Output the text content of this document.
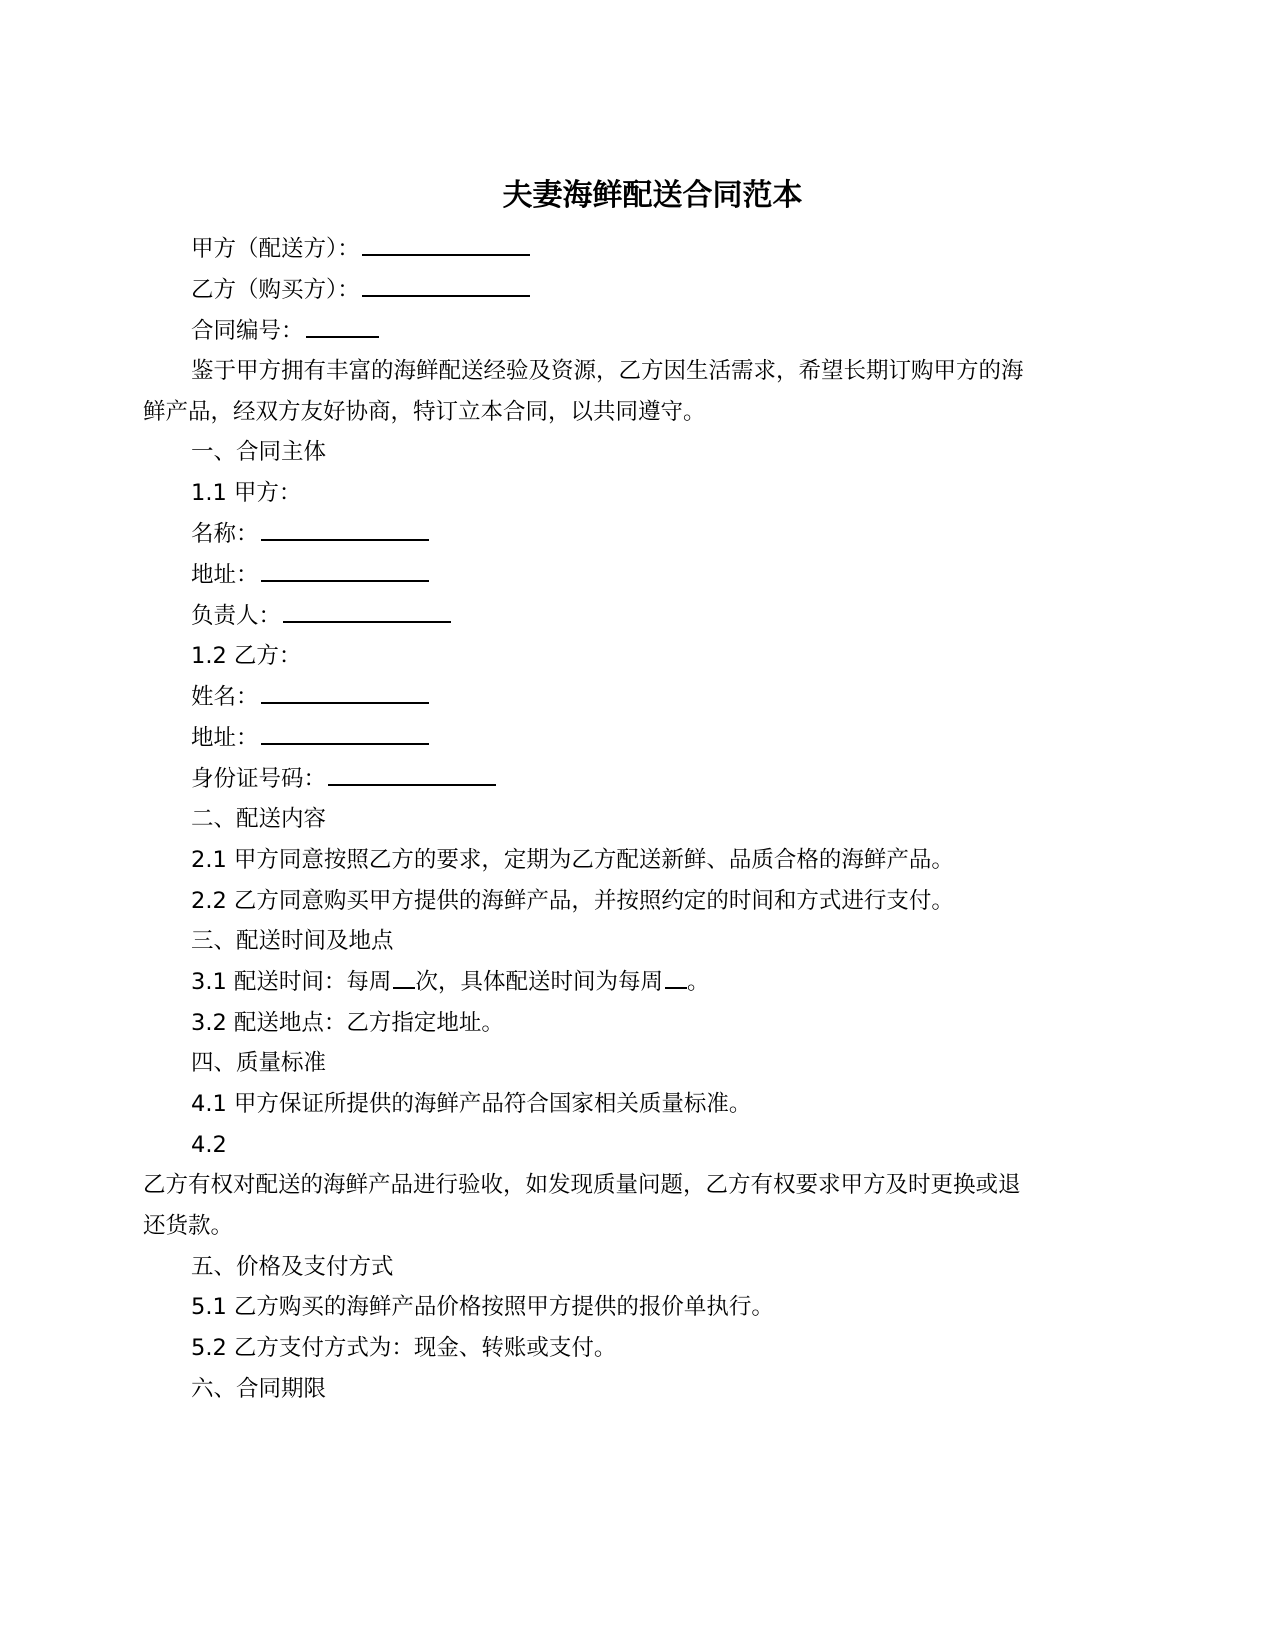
夫妻海鲜配送合同范本
甲方（配送方）：
乙方（购买方）：
合同编号：
鉴于甲方拥有丰富的海鲜配送经验及资源，乙方因生活需求，希望长期订购甲方的海
鲜产品，经双方友好协商，特订立本合同，以共同遵守。
一、合同主体
1.1 甲方：
名称：
地址：
负责人：
1.2 乙方：
姓名：
地址：
身份证号码：
二、配送内容
2.1 甲方同意按照乙方的要求，定期为乙方配送新鲜、品质合格的海鲜产品。
2.2 乙方同意购买甲方提供的海鲜产品，并按照约定的时间和方式进行支付。
三、配送时间及地点
3.1 配送时间：每周 次，具体配送时间为每周 。
3.2 配送地点：乙方指定地址。
四、质量标准
4.1 甲方保证所提供的海鲜产品符合国家相关质量标准。
4.2
乙方有权对配送的海鲜产品进行验收，如发现质量问题，乙方有权要求甲方及时更换或退
还货款。
五、价格及支付方式
5.1 乙方购买的海鲜产品价格按照甲方提供的报价单执行。
5.2 乙方支付方式为：现金、转账或支付。
六、合同期限
